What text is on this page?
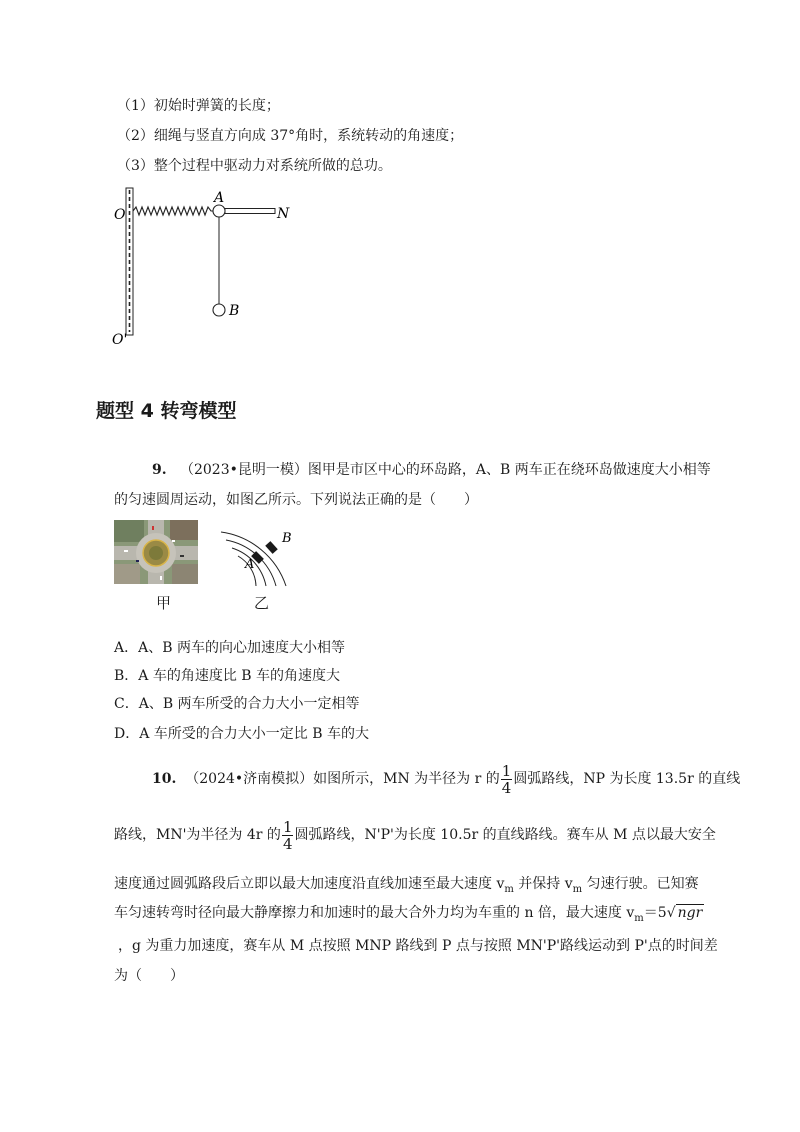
（1）初始时弹簧的长度；
（2）细绳与竖直方向成 37°角时，系统转动的角速度；
（3）整个过程中驱动力对系统所做的总功。
O
A
N
B
O'
题型 4 转弯模型
9. （2023•昆明一模）图甲是市区中心的环岛路，A、B 两车正在绕环岛做速度大小相等
的匀速圆周运动，如图乙所示。下列说法正确的是（　　）
甲
A
B
乙
A．A、B 两车的向心加速度大小相等
B．A 车的角速度比 B 车的角速度大
C．A、B 两车所受的合力大小一定相等
D．A 车所受的合力大小一定比 B 车的大
10. （2024•济南模拟）如图所示，MN 为半径为 r 的 $\frac{1}{4}$ 圆弧路线，NP 为长度 13.5r 的直线
路线，MN'为半径为 4r 的 $\frac{1}{4}$ 圆弧路线，N'P'为长度 10.5r 的直线路线。赛车从 M 点以最大安全
速度通过圆弧路段后立即以最大加速度沿直线加速至最大速度 $v_m$ 并保持 $v_m$ 匀速行驶。已知赛
车匀速转弯时径向最大静摩擦力和加速时的最大合外力均为车重的 n 倍，最大速度 $v_m=5√$ ngr
，g 为重力加速度，赛车从 M 点按照 MNP 路线到 P 点与按照 MN'P'路线运动到 P'点的时间差
为（　　）
